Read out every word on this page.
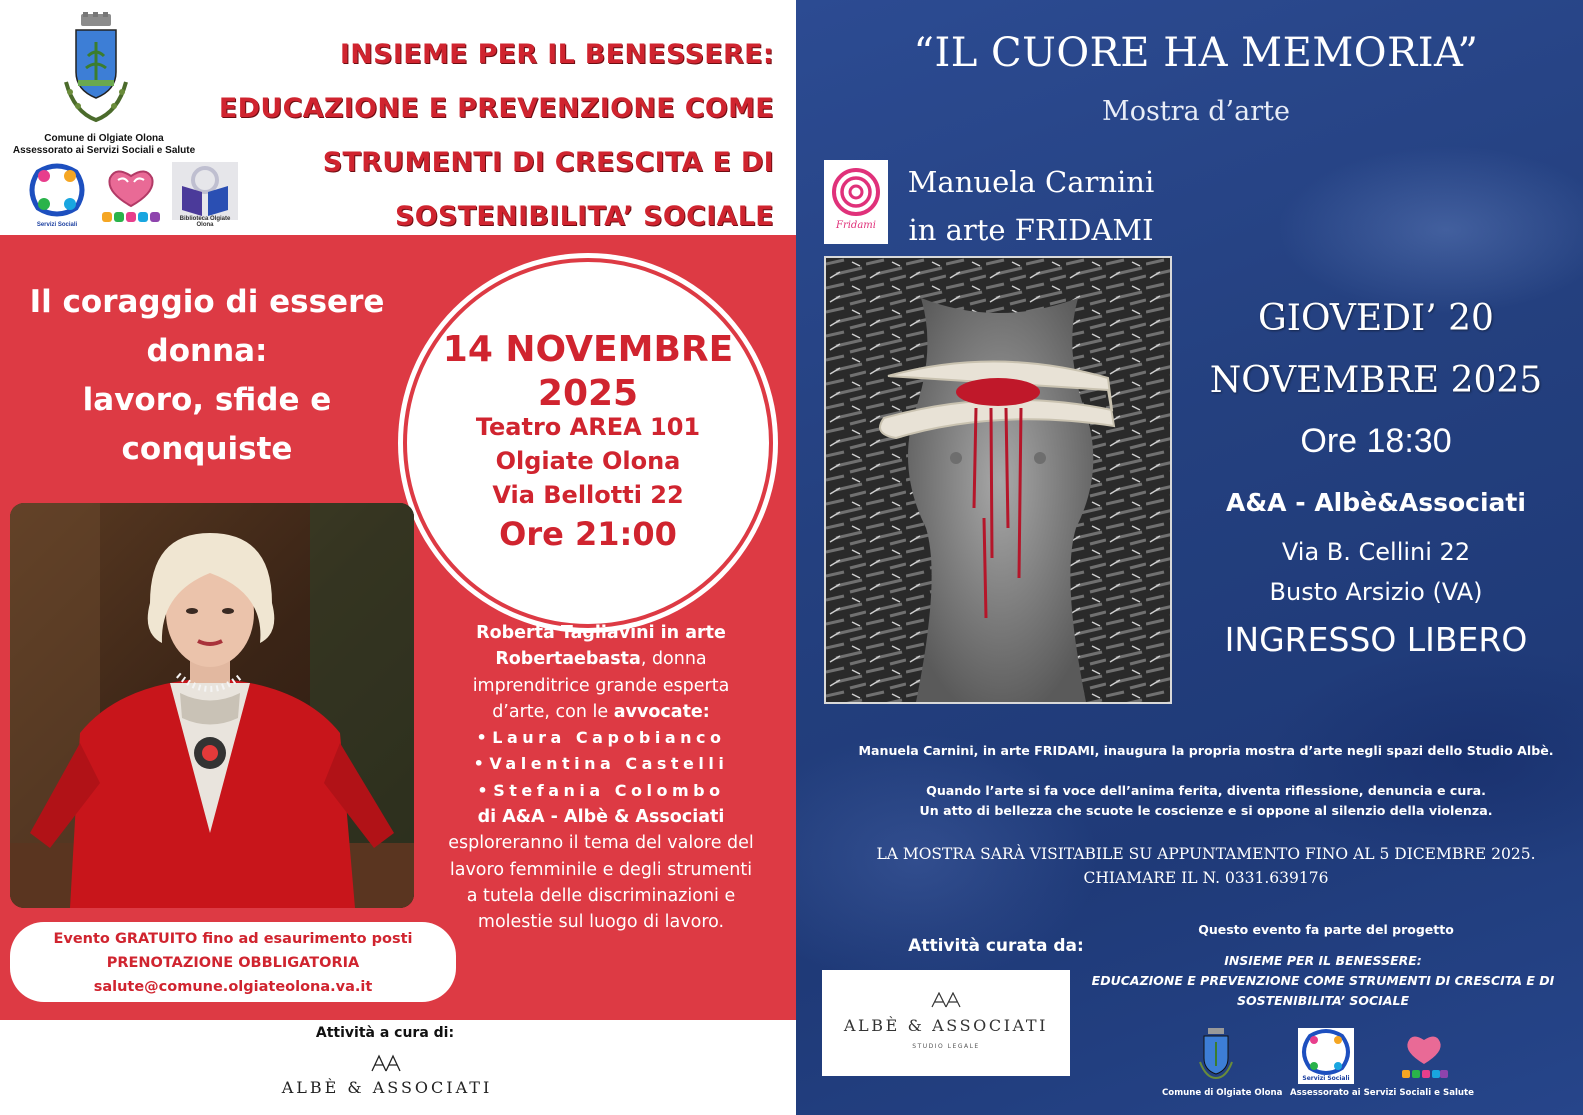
Comune di Olgiate Olona
Assessorato ai Servizi Sociali e Salute
Servizi Sociali
Biblioteca Olgiate Olona
INSIEME PER IL BENESSERE:
EDUCAZIONE E PREVENZIONE COME
STRUMENTI DI CRESCITA E DI
SOSTENIBILITA’ SOCIALE
Il coraggio di essere
donna:
lavoro, sfide e
conquiste
14 NOVEMBRE
2025
Teatro AREA 101
Olgiate Olona
Via Bellotti 22
Ore 21:00
Roberta Tagliavini in arte Robertaebasta, donna imprenditrice grande esperta d’arte, con le avvocate:
• Laura Capobianco
• Valentina Castelli
• Stefania Colombo
di A&A - Albè & Associati
esploreranno il tema del valore del lavoro femminile e degli strumenti a tutela delle discriminazioni e molestie sul luogo di lavoro.
Evento GRATUITO fino ad esaurimento posti
PRENOTAZIONE OBBLIGATORIA
salute@comune.olgiateolona.va.it
Attività a cura di:
ALBÈ & ASSOCIATI
“IL CUORE HA MEMORIA”
Mostra d’arte
Fridami
Manuela Carnini
in arte FRIDAMI
GIOVEDI’ 20
NOVEMBRE 2025
Ore 18:30
A&A - Albè&Associati
Via B. Cellini 22
Busto Arsizio (VA)
INGRESSO LIBERO
Manuela Carnini, in arte FRIDAMI, inaugura la propria mostra d’arte negli spazi dello Studio Albè.
Quando l’arte si fa voce dell’anima ferita, diventa riflessione, denuncia e cura.
Un atto di bellezza che scuote le coscienze e si oppone al silenzio della violenza.
LA MOSTRA SARÀ VISITABILE SU APPUNTAMENTO FINO AL 5 DICEMBRE 2025.
CHIAMARE IL N. 0331.639176
Attività curata da:
ALBÈ & ASSOCIATI
STUDIO LEGALE
Questo evento fa parte del progetto
INSIEME PER IL BENESSERE:
EDUCAZIONE E PREVENZIONE COME STRUMENTI DI CRESCITA E DI
SOSTENIBILITA’ SOCIALE
Servizi Sociali
Comune di Olgiate Olona Assessorato ai Servizi Sociali e Salute
